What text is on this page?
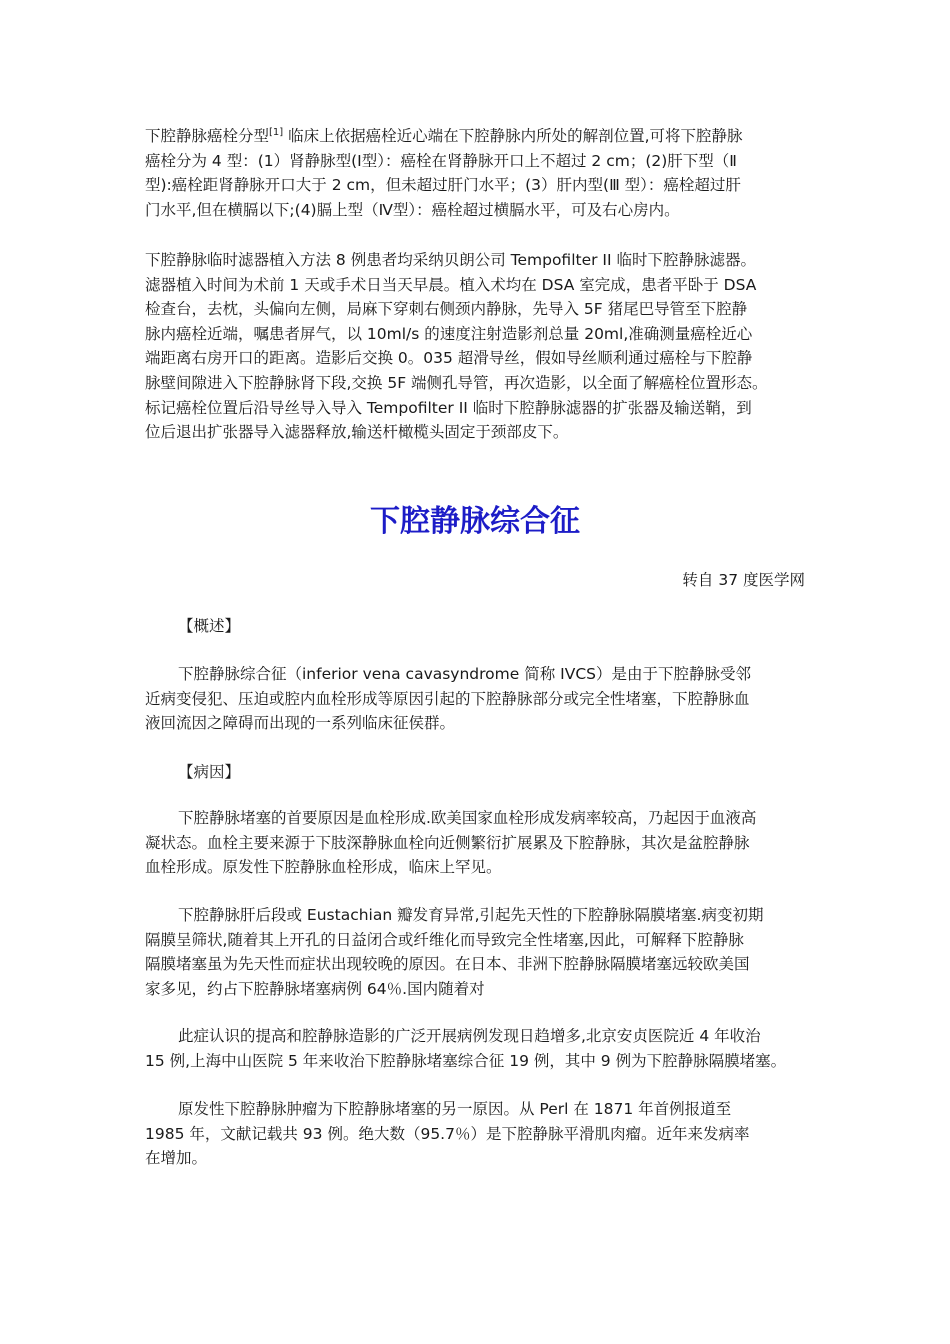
下腔静脉癌栓分型[1] 临床上依据癌栓近心端在下腔静脉内所处的解剖位置,可将下腔静脉
癌栓分为 4 型：(1）肾静脉型(Ⅰ型）：癌栓在肾静脉开口上不超过 2 cm；(2)肝下型（Ⅱ
型):癌栓距肾静脉开口大于 2 cm，但未超过肝门水平；(3）肝内型(Ⅲ 型）：癌栓超过肝
门水平,但在横膈以下;(4)膈上型（Ⅳ型）：癌栓超过横膈水平，可及右心房内。

下腔静脉临时滤器植入方法 8 例患者均采纳贝朗公司 Tempofilter II 临时下腔静脉滤器。
滤器植入时间为术前 1 天或手术日当天早晨。植入术均在 DSA 室完成，患者平卧于 DSA
检查台，去枕，头偏向左侧，局麻下穿刺右侧颈内静脉，先导入 5F 猪尾巴导管至下腔静
脉内癌栓近端，嘱患者屏气，以 10ml/s 的速度注射造影剂总量 20ml,准确测量癌栓近心
端距离右房开口的距离。造影后交换 0。035 超滑导丝，假如导丝顺利通过癌栓与下腔静
脉壁间隙进入下腔静脉肾下段,交换 5F 端侧孔导管，再次造影，以全面了解癌栓位置形态。
标记癌栓位置后沿导丝导入导入 Tempofilter II 临时下腔静脉滤器的扩张器及输送鞘，到
位后退出扩张器导入滤器释放,输送杆橄榄头固定于颈部皮下。

下腔静脉综合征

转自 37 度医学网

【概述】

下腔静脉综合征（inferior vena cavasyndrome 简称 IVCS）是由于下腔静脉受邻
近病变侵犯、压迫或腔内血栓形成等原因引起的下腔静脉部分或完全性堵塞，下腔静脉血
液回流因之障碍而出现的一系列临床征侯群。

【病因】

下腔静脉堵塞的首要原因是血栓形成.欧美国家血栓形成发病率较高，乃起因于血液高
凝状态。血栓主要来源于下肢深静脉血栓向近侧繁衍扩展累及下腔静脉，其次是盆腔静脉
血栓形成。原发性下腔静脉血栓形成，临床上罕见。

下腔静脉肝后段或 Eustachian 瓣发育异常,引起先天性的下腔静脉隔膜堵塞.病变初期
隔膜呈筛状,随着其上开孔的日益闭合或纤维化而导致完全性堵塞,因此，可解释下腔静脉
隔膜堵塞虽为先天性而症状出现较晚的原因。在日本、非洲下腔静脉隔膜堵塞远较欧美国
家多见，约占下腔静脉堵塞病例 64％.国内随着对

此症认识的提高和腔静脉造影的广泛开展病例发现日趋增多,北京安贞医院近 4 年收治
15 例,上海中山医院 5 年来收治下腔静脉堵塞综合征 19 例，其中 9 例为下腔静脉隔膜堵塞。

原发性下腔静脉肿瘤为下腔静脉堵塞的另一原因。从 Perl 在 1871 年首例报道至
1985 年，文献记载共 93 例。绝大数（95.7％）是下腔静脉平滑肌肉瘤。近年来发病率
在增加。
